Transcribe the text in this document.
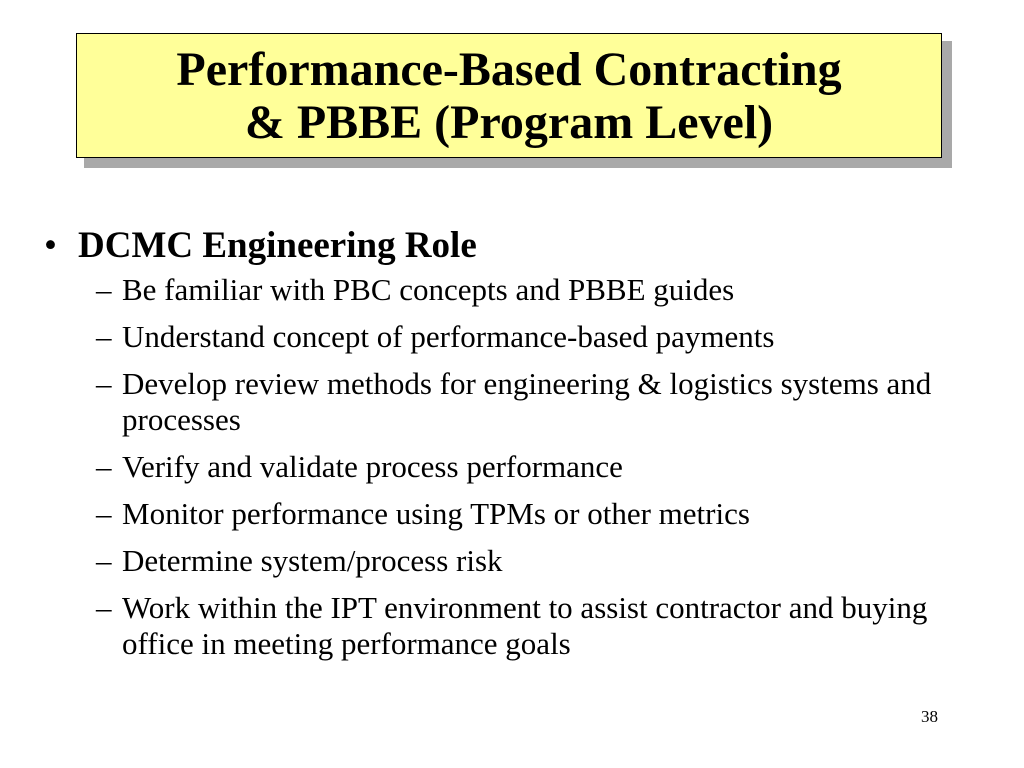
Performance-Based Contracting
& PBBE (Program Level)
• DCMC Engineering Role
– Be familiar with PBC concepts and PBBE guides
– Understand concept of performance-based payments
– Develop review methods for engineering & logistics systems and processes
– Verify and validate process performance
– Monitor performance using TPMs or other metrics
– Determine system/process risk
– Work within the IPT environment to assist contractor and buying office in meeting performance goals
38
